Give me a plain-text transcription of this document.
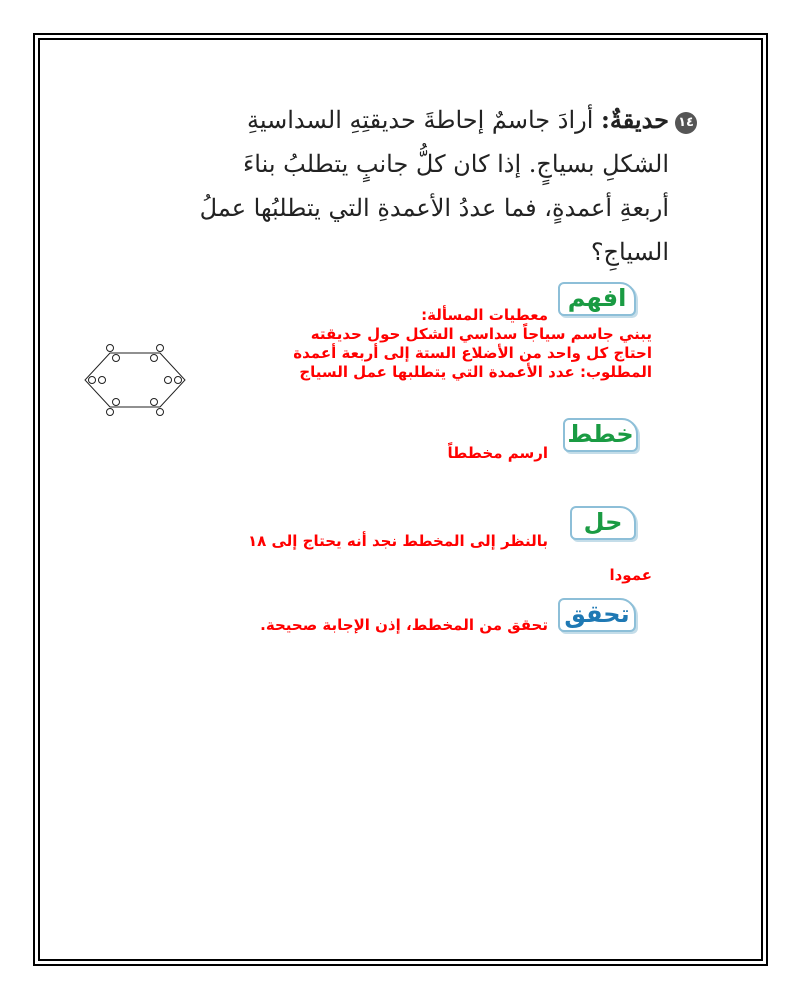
١٤
حديقةٌ: أرادَ جاسمٌ إحاطةَ حديقتِهِ السداسيةِ الشكلِ بسياجٍ. إذا كان كلُّ جانبٍ يتطلبُ بناءَ أربعةِ أعمدةٍ، فما عددُ الأعمدةِ التي يتطلبُها عملُ السياجِ؟
افهم
معطيات المسألة:
يبني جاسم سياجاً سداسي الشكل حول حديقته
احتاج كل واحد من الأضلاع الستة إلى أربعة أعمدة
المطلوب: عدد الأعمدة التي يتطلبها عمل السياج
خطط
ارسم مخططاً
حل
بالنظر إلى المخطط نجد أنه يحتاج إلى ١٨
عمودا
تحقق
تحقق من المخطط، إذن الإجابة صحيحة.
